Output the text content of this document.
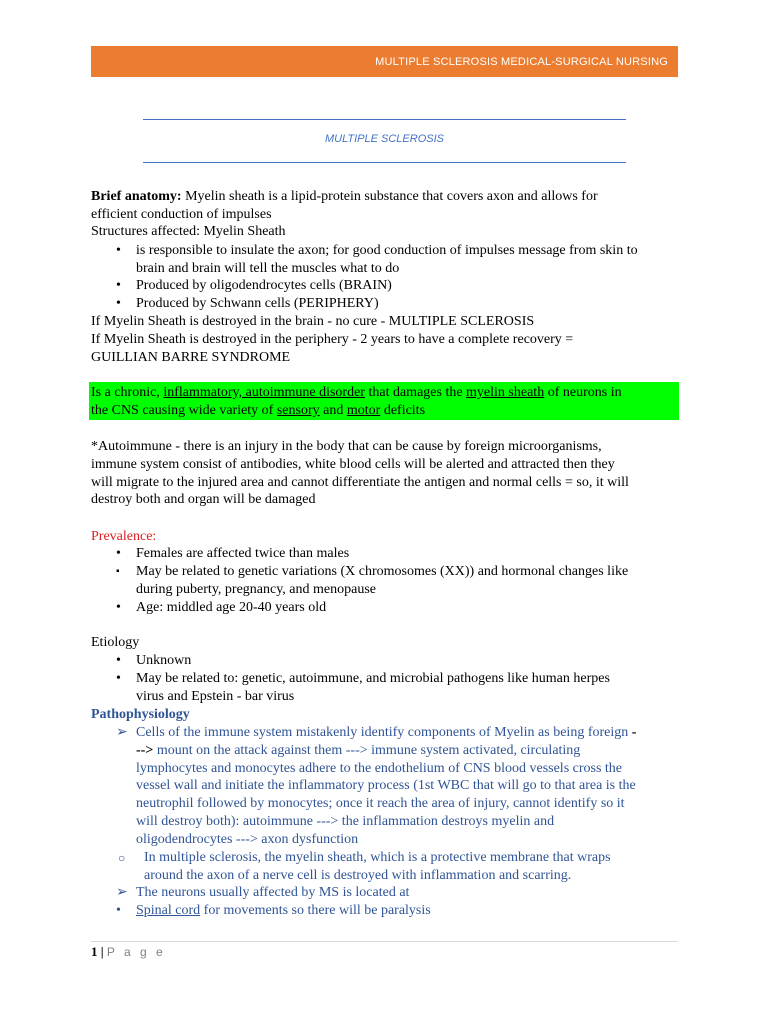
MULTIPLE SCLEROSIS MEDICAL-SURGICAL NURSING
MULTIPLE SCLEROSIS
Brief anatomy: Myelin sheath is a lipid-protein substance that covers axon and allows for
efficient conduction of impulses
Structures affected: Myelin Sheath
• is responsible to insulate the axon; for good conduction of impulses message from skin to
brain and brain will tell the muscles what to do
• Produced by oligodendrocytes cells (BRAIN)
• Produced by Schwann cells (PERIPHERY)
If Myelin Sheath is destroyed in the brain - no cure - MULTIPLE SCLEROSIS
If Myelin Sheath is destroyed in the periphery - 2 years to have a complete recovery =
GUILLIAN BARRE SYNDROME
Is a chronic, inflammatory, autoimmune disorder that damages the myelin sheath of neurons in
the CNS causing wide variety of sensory and motor deficits
*Autoimmune - there is an injury in the body that can be cause by foreign microorganisms,
immune system consist of antibodies, white blood cells will be alerted and attracted then they
will migrate to the injured area and cannot differentiate the antigen and normal cells = so, it will
destroy both and organ will be damaged
Prevalence:
• Females are affected twice than males
▪ May be related to genetic variations (X chromosomes (XX)) and hormonal changes like
during puberty, pregnancy, and menopause
• Age: middled age 20-40 years old
Etiology
• Unknown
• May be related to: genetic, autoimmune, and microbial pathogens like human herpes
virus and Epstein - bar virus
Pathophysiology
➢ Cells of the immune system mistakenly identify components of Myelin as being foreign -
--> mount on the attack against them ---> immune system activated, circulating
lymphocytes and monocytes adhere to the endothelium of CNS blood vessels cross the
vessel wall and initiate the inflammatory process (1st WBC that will go to that area is the
neutrophil followed by monocytes; once it reach the area of injury, cannot identify so it
will destroy both): autoimmune ---> the inflammation destroys myelin and
oligodendrocytes ---> axon dysfunction
○ In multiple sclerosis, the myelin sheath, which is a protective membrane that wraps
around the axon of a nerve cell is destroyed with inflammation and scarring.
➢ The neurons usually affected by MS is located at
• Spinal cord for movements so there will be paralysis
1 | P a g e
